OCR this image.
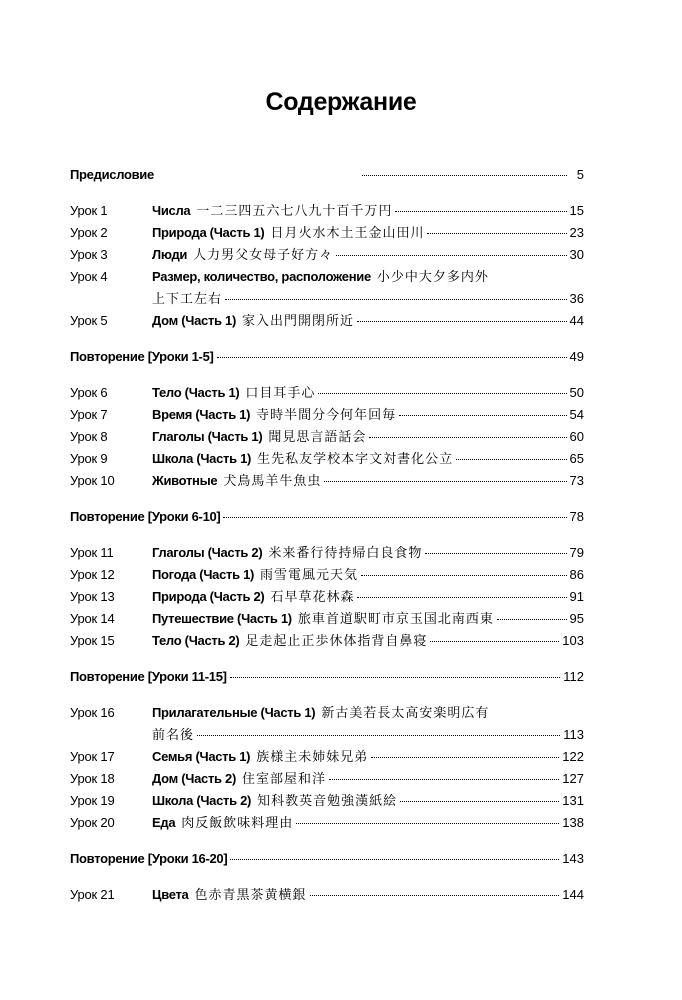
Содержание
Предисловие	5
Урок 1	Числа 一二三四五六七八九十百千万円	15
Урок 2	Природа (Часть 1) 日月火水木土王金山田川	23
Урок 3	Люди 人力男父女母子好方々	30
Урок 4	Размер, количество, расположение 小少中大夕多内外
上下工左右	36
Урок 5	Дом (Часть 1) 家入出門開閉所近	44
Повторение [Уроки 1-5]	49
Урок 6	Тело (Часть 1) 口目耳手心	50
Урок 7	Время (Часть 1) 寺時半間分今何年回毎	54
Урок 8	Глаголы (Часть 1) 聞見思言語話会	60
Урок 9	Школа (Часть 1) 生先私友学校本字文対書化公立	65
Урок 10	Животные 犬鳥馬羊牛魚虫	73
Повторение [Уроки 6-10]	78
Урок 11	Глаголы (Часть 2) 米来番行待持帰白良食物	79
Урок 12	Погода (Часть 1) 雨雪電風元天気	86
Урок 13	Природа (Часть 2) 石早草花林森	91
Урок 14	Путешествие (Часть 1) 旅車首道駅町市京玉国北南西東	95
Урок 15	Тело (Часть 2) 足走起止正歩休体指背自鼻寝	103
Повторение [Уроки 11-15]	112
Урок 16	Прилагательные (Часть 1) 新古美若長太高安楽明広有
前名後	113
Урок 17	Семья (Часть 1) 族様主未姉妹兄弟	122
Урок 18	Дом (Часть 2) 住室部屋和洋	127
Урок 19	Школа (Часть 2) 知科教英音勉強漢紙絵	131
Урок 20	Еда 肉反飯飲味料理由	138
Повторение [Уроки 16-20]	143
Урок 21	Цвета 色赤青黒茶黄横銀	144
